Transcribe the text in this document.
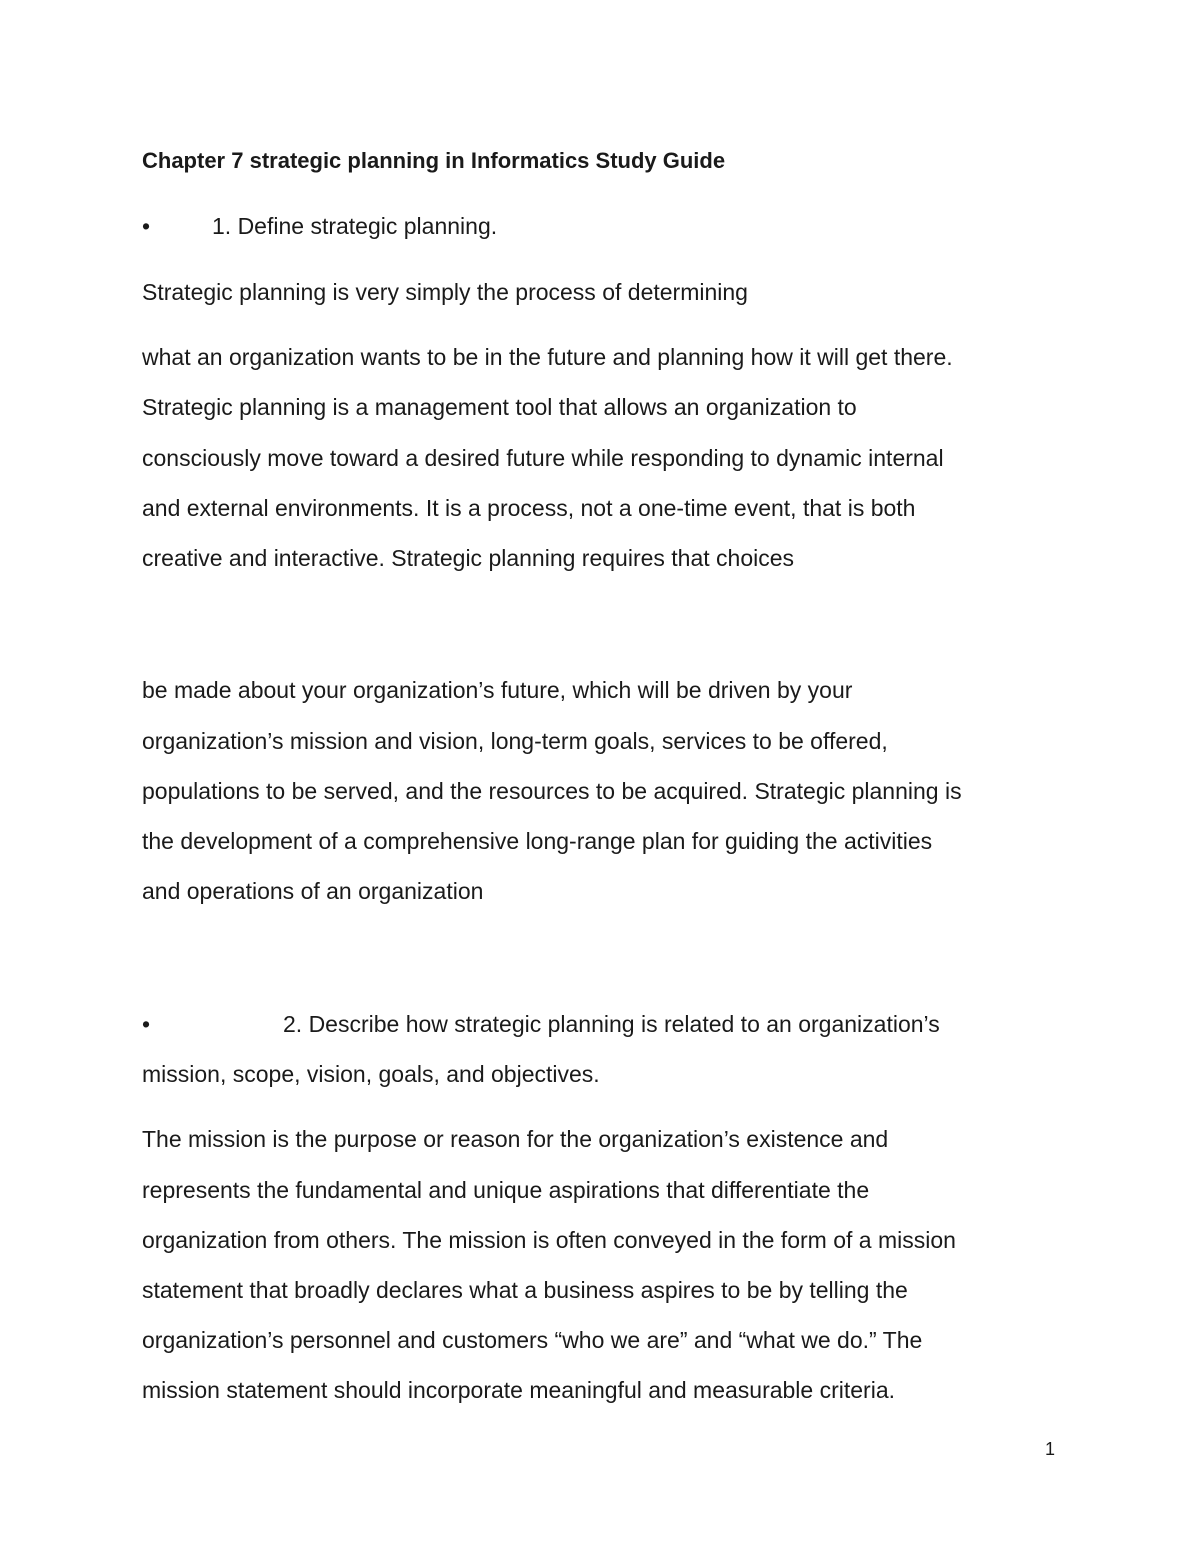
Chapter 7 strategic planning in Informatics Study Guide
•	1. Define strategic planning.
Strategic planning is very simply the process of determining
what an organization wants to be in the future and planning how it will get there.
Strategic planning is a management tool that allows an organization to
consciously move toward a desired future while responding to dynamic internal
and external environments. It is a process, not a one-time event, that is both
creative and interactive. Strategic planning requires that choices
be made about your organization’s future, which will be driven by your
organization’s mission and vision, long-term goals, services to be offered,
populations to be served, and the resources to be acquired. Strategic planning is
the development of a comprehensive long-range plan for guiding the activities
and operations of an organization
•	2. Describe how strategic planning is related to an organization’s
mission, scope, vision, goals, and objectives.
The mission is the purpose or reason for the organization’s existence and
represents the fundamental and unique aspirations that differentiate the
organization from others. The mission is often conveyed in the form of a mission
statement that broadly declares what a business aspires to be by telling the
organization’s personnel and customers “who we are” and “what we do.” The
mission statement should incorporate meaningful and measurable criteria.
1
